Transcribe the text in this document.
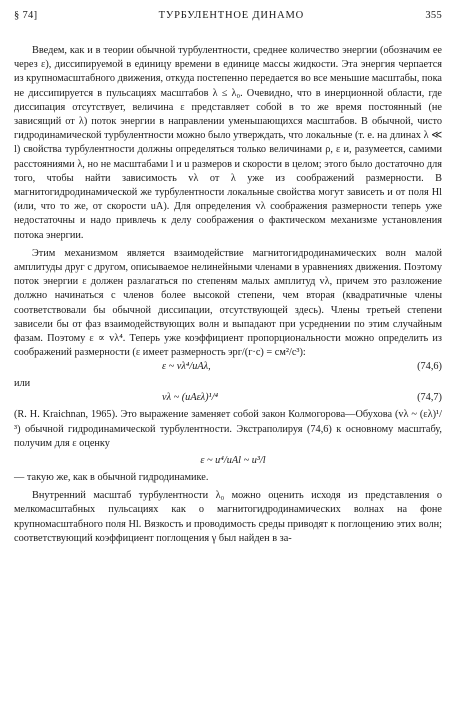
§ 74]	ТУРБУЛЕНТНОЕ ДИНАМО	355

Введем, как и в теории обычной турбулентности, среднее количество энергии (обозначим ее через ε), диссипируемой в единицу времени в единице массы жидкости. Эта энергия черпается из крупномасштабного движения, откуда постепенно передается во все меньшие масштабы, пока не диссипируется в пульсациях масштабов λ ≤ λ₀. Очевидно, что в инерционной области, где диссипация отсутствует, величина ε представляет собой в то же время постоянный (не зависящий от λ) поток энергии в направлении уменьшающихся масштабов. В обычной, чисто гидродинамической турбулентности можно было утверждать, что локальные (т. е. на длинах λ ≪ l) свойства турбулентности должны определяться только величинами ρ, ε и, разумеется, самими расстояниями λ, но не масштабами l и u размеров и скорости в целом; этого было достаточно для того, чтобы найти зависимость vλ от λ уже из соображений размерности. В магнитогидродинамической же турбулентности локальные свойства могут зависеть и от поля Hl (или, что то же, от скорости uA). Для определения vλ соображения размерности теперь уже недостаточны и надо привлечь к делу соображения о фактическом механизме установления потока энергии.

Этим механизмом является взаимодействие магнитогидродинамических волн малой амплитуды друг с другом, описываемое нелинейными членами в уравнениях движения. Поэтому поток энергии ε должен разлагаться по степеням малых амплитуд vλ, причем это разложение должно начинаться с членов более высокой степени, чем вторая (квадратичные члены соответствовали бы обычной диссипации, отсутствующей здесь). Члены третьей степени зависели бы от фаз взаимодействующих волн и выпадают при усреднении по этим случайным фазам. Поэтому ε ∝ vλ⁴. Теперь уже коэффициент пропорциональности можно определить из соображений размерности (ε имеет размерность эрг/(г·с) = см²/с³):

ε ~ vλ⁴/uAλ,	(74,6)
или
vλ ~ (uAελ)¹/⁴	(74,7)

(R. H. Kraichnan, 1965). Это выражение заменяет собой закон Колмогорова—Обухова (vλ ~ (ελ)¹/³) обычной гидродинамической турбулентности. Экстраполируя (74,6) к основному масштабу, получим для ε оценку

ε ~ u⁴/uAl ~ u³/l

— такую же, как в обычной гидродинамике.

Внутренний масштаб турбулентности λ₀ можно оценить исходя из представления о мелкомасштабных пульсациях как о магнитогидродинамических волнах на фоне крупномасштабного поля Hl. Вязкость и проводимость среды приводят к поглощению этих волн; соответствующий коэффициент поглощения γ был найден в за-
